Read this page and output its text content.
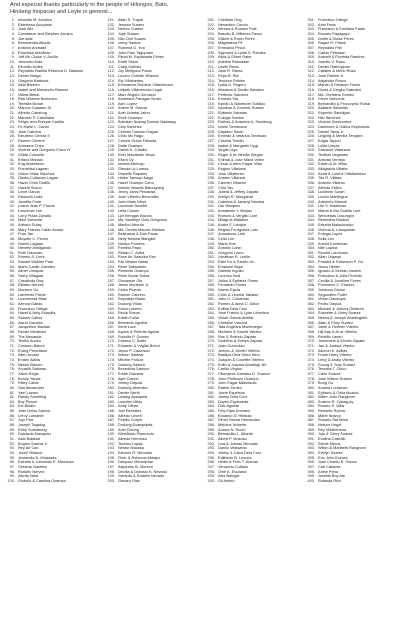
And especial thanks particularly to the people of Hilongos, Bato, Hindang Inopacan and Leyte in general...
1. Abundio M. Alvarico
2. Eldefonso Acopiado
3. Jose Alix
4. Constance and Stephen Alcuino
5. Joe Alde
6. Bernhardita Alfonte
7. Antonio Andrade
8. Eduvihsa Antolihao
9. Joff Mc Cloise V. Arcilla
10. Jesucrito Arda
11. Elmelito Aviles
12. Reynaldo Badilla Rebecca D. Balanos
13. Dexter Braga
14. Gregorio Barbosa
15. Aida Barerro
16. Isabel and Menandro Blancer
17. Villeta Bebal
18. Rita Villareal Bonteneo
19. Teresita Brown
20. Marcos Caadaro Sr.
21. Alfredo Cabahug
22. Marcelo P. Cabrillaka
23. Sergio and Enrique Cadilla
24. Fe Marie L. Canal
25. Jose Cabrera
26. Eleuterio Centaz II
27. Romeo Cimene
28. Adorame Chen
29. Vicente and Gorgonio Cinco IV
30. Gidita Colonilla
31. Erfaco Manalo
32. Eng Andresson
33. Flordelisa Lagaan
34. Grace Villaz Sanchez
35. Oledio Collacion Lagaa
36. Hazel Chris Ordillo
37. Hazelit Suzon
38. Lexel Garcia
39. Elsworth Leda
40. Josefita Forte
41. Loana Jean P. Flavoe
42. Lowrence Lee
43. Lorry Plaza Zavalla
44. Mike Valmoria
45. Arthuro Dulay
46. Mary Francis Caldo Acana
47. Pura Tan
48. Muyolle C. Flores
49. Noemi Lagaan
50. Nenette Antiligando
51. Ruth Gacusan
52. Romeo S. Lima
53. Randel Wahlee Pala
54. Mario Carillo Caboteo
55. Aimer Umapas
56. Gerry Villaguar
57. Crisalinda Ong
58. Elifasio Nerves
59. Montero Go
60. Lamberto Flame
61. Luzviminda Bilaz
62. Alenod Gabas
63. Francisco Ortega
64. Hazel & Nely Eslavilla
65. Sandro Callos
66. Alano Davalos
67. Jacqueline Basilan
68. Dexter Medecke
69. The Alexande
70. Teofilo Aunzo
71. Corazon Batoni
72. Erdeg Penciliano
73. Allen Acosto
74. Enden Alaba
75. Nestor Bacoro
76. Arcadio Sabinas
77. Zaldo Regis
78. Bonny Yanas
79. Rilley Cabal
80. Gail Alexandrer
81. Yael Lazaro
82. Randy Sombilng
83. Boy Picson
84. Elo Bulato
85. Jean Delos Santos
86. Leroy Lomante
87. Jojo Paa
88. Joseph Tagalog
89. Efrey Sumabong
90. Dulcianic Manapari
91. Aida Balabat
92. Bogino Saavra Jr
93. Rey Ari Cari
94. Jocell Villamor
95. Jessenda N. Mejarada
96. Estrella & Johnwato E. Mendoza
97. Gerardo Naceles
98. Rodolfo Nervez
99. Alerito Nara
100. Godello & Carolina Ocampo
101. Allan S. Trapal
102. Jessica Suarez
103. Nelson Suarez
104. Jojie Suarez
105. Nilo Orel Suarez
106. Veloy Santos
107. Rowena G. Yoa
108. John Paul Tagupasa
109. Pitoni M. Esplanada Flores
110. Earth Sesin
111. Craig Sublido
112. Joy Mefigaon Paulo
113. Lumen Christie Villamor
114. Ely Villafuertes
115. Emmanuel Dominic Villaherrosa
116. Lilibeth Villaherrosa Legal
117. Marc Angelo Gervacio
118. Andreaux Paragas Seder
119. Alex Lopez
120. Arlene M. Daana
121. Ariel Uriartal Jatizo
122. Rock Ocampo
123. Brendan Noenaj Damon Nadasag
124. Cely Sanchez
125. Christie Camion Gagan
126. Chito Mc Rago
127. Cennie Grace Falsolta
128. Dalia Ocampo
129. Danilo K. Castillo
130. Eber Macabale Jesus
131. Elvira Oy
132. Imelda Abenojo
133. Glenda Ly Lorena
134. Glacelle Rapales
135. Helen Tamayo Naga
136. Hazel Ocampo Corro
137. Imelda Velarde Balonghing
138. Jenny Janis Penalosa
139. Joan Viberbo Bersonilla
140. John Mark Nihot
141. Lumenia Jennifer
142. Leila Cuizon
143. Lyn Ibringan Bacolo
144. Ma. Madelyn Gola Gregorius
145. Marilou Abordo
146. Ma. Cecilia Macoto Sabitas
147. Belshazar & Dan Paras
148. Nelly Mesina Mangilet
149. Norilyn Pomera
150. Pamela Papa
151. Redan C. Avilla
152. Rose Ae Saavdra Pan
153. Ria Villalon Batas
154. Rene Valladares
155. Romelito Ocampo
156. Rene Bozar Sotoa
157. Giovannie Ole
158. Jesus Modesto Jr.
159. Celso Pinedo
160. Ramon Cabrero
161. Reynaldo Baldo
162. Dodong Villas
163. Rossi Loberto
164. Recip Rosos
165. Edwin Follar
166. Bernardo Aguillar
167. Irene Lora
168. Agnes & Peterist Aguilar
169. Rodolfo P. Gomez
170. Cirseco C. Barto
171. Eduardo & Virgilia Bohol
172. Jesus P. Calunsod
173. Wilson Salazar
174. Mitchie Policar
175. Dodong Saavra
176. Benedicta Sabuon
177. Eddie Olavaria
178. Ayet Cavezi
179. Jimmy Dayola
180. Dodong Abrenica
181. Dexter Nerth
182. Ludwig Apaopela
183. Lourdes Villas
184. Andy Olelar
185. Joel Bernales
186. Alfredo Liborri
187. Peplito Corpin
188. Dodong Evangelista
189. Ariel Chiong
190. Winefredo Plamondo
191. Alfredo Hermoso
192. Teolimo Lapaz
193. Nestor Macasa
194. Eleanor R. Mercado
195. Fleer & Rebecca Malapo
196. Danyouz Menolpiran
197. Alejandro B. Moreno
198. Decilia & Dionisio K. Nevado
199. Gerardo & Rodelio Nevado
200. Genaro Olas
201. Cristituto Ong
202. Nenantino Osorio
203. Wenna & Rosario Pale
204. Basulio B. Millenes Pasco
205. Gilbert & Erwin Perez
206. Magdalena Pil
207. Emeliano Pinca
208. Sigmund & Lydia S. Pototes
209. Alida & Elmer Rabe
210. Adelina Rasnadan
211. Leslie Rocio
212. Jose R. Rama
213. Pepe B. Ria
214. Teodoro Robles
215. Lydia G. Rogero
216. Absalom & Danilo Sabaton
217. Perfecto Sanchez
218. Ernesto Sia
219. Elpidio & Nobeliciel Sobilizo
220. Apolinar & Dominic Suarez
221. Epifanio Sabalan
222. Eulogio Santos
223. Ruthea & Anselmo A. Sendiong
224. Leslie Sembrano
225. Gaytano Subin
226. Ernesto & Velarius Tambuan
227. Cristina Tranilo
228. Isabel & Margarito Uygi
229. Virgilio Ugs
230. Roger & Ar Nenilla Sergan
231. Erlinda & Jose Maria Velez
232. Cesar & Allen Edgar Villar
233. Rogino Villafane
234. Jose Villaflores
235. Amden Villareal
236. Carmen Villacho
237. Chio Yao
238. Julieta & Jeffrey Zapata
239. Arellyn R. Mangabat
240. Caterina & Jacanyi Mantua
241. Lito Marquez
242. Annabelle Y. Mejaia
243. Romulo & Vergilio Lore
244. Milagros Maiason
245. Andro F. Lauque
246. Regisa Pa Agulina Lalo
247. Annadecor Lide
248. Celia Lim
249. Maria Hoe
250. Antonio Lobin
251. Gregorio Lomo
252. Jonathan R. Lerilin
253. Elsie Ko & Pacifio Go
254. Emanuel Bayo
255. Galletio Inguito
256. Lorenzo Imal
257. Julius & Epifania Flores
258. Fernando Flores
259. Noemi Eguia
260. Chito & Leonila Tabalan
261. John C. Cobarrias
262. Romeo & Alma C. Dator
263. Editha Dela Cruz
264. Jose Franco & Lyde Lobedica
265. Vivian Garcia Abellar
266. Christine Viaonia
267. Tata Angelica Montenegro
268. Michelle & Harold Viterbo
269. Roe & Rolindo Zapata
270. Godefrio & Evelyn Zapata
271. Joan Gorondao
272. Jericho & Jeneth Viterbo
273. Basilica Dela Serra Nino
274. Joaquin & Cosettte Viterbo
275. Edith & Joanna Abadingi Jer
276. Carlito Virgino
277. Obenaeze Damaso D. Suazon
278. John Philibuzo Ocampo
279. John Edgar Matudsula
280. Rather Dedeo
281. Jowie Espeledo
282. Jimmy Dela Cruz
283. Doyen Espinueda
284. Dick Aguiliar
285. Fely Eljas Domaso
286. Eduardo D. Hibdula
287. Elmer Sesna Hernandez
288. Melchor Noberte
289. Aurora N. Rocio
290. Bernardito L. Alfante
291. Albert P. Mususo
292. Lisa & Johnas Mercado
293. Danilo Velasamo
294. Jimmy & Clara Dela Cruz
295. Edilberto B. Leones
296. Helbe & Felix T. Aranas
297. Venancio Collado
298. Orlie A. Eluciana
299. Alex Balogal
300. Gil Antelo
301. Francisco Ortega
302. Ariel Feda
303. Francisco & Emiliano Paale
304. Rosario Papagayo
305. Dolith & Moise Perez
306. Raque R. Pilane
307. Reynaldo Piel
308. Carlos Petrasen
309. Aracelli & Florinda Ramirez
310. Juanito V. Raza
311. Dexter Rafiroginne
312. Catabel & Merlo Rosa
313. Jose Robles Jr
314. Alejandro Rosco
315. Marvin & Rolando Flores
316. Gloria & Dingko Gabraint
317. Ma. Christina Gomez
318. Glenn Nehomis
319. Bernardito & Procorphio Ruisa
320. Aldlaine Sabando
321. Rupertio Sandigan
322. Nilo Sanchez
323. Vicente Sorezontes
324. Danimore & Gallos Espinueda
325. Daniel Tarca Jr
326. Lingling & Merilla Tengsen
327. Edgar Tappel
328. Lolita Uneza
329. Salvador Vallarana
330. Teofilas Vegasam
331. Anecita Verdejo
332. Edwin & Ar Villaz
333. Altagracia Villafor
334. Anna & Lorenz Villafuertesa
335. Tito R. Villaza
336. Antonio Villaran
337. Alfredo Zafico
338. Lucilenin Suran
339. Lucilio Manilugue
340. Artemeio Manuel
341. Lito V. Madeloso
342. Mama & Ma Godilla Lore
343. Wencedas Lusungon
344. Remedios Madulo
345. Estrella Malaconsejo
346. Victoria A. Lacapanan
347. Eulogia Lopez
348. Sella Lim
349. Arnold Kundiman
350. Nile Lupina
351. Rondel Laroscain
352. Allan Legaspi
353. Priscilla & Roberson P. Go
354. Jesus Hesler
355. Ignacio & Serban Jaranis
356. Francisco & Julia Florindo
357. Cecilia & Jocelline Flores
358. Pronsenio C. Elaruzo
359. Johanna Gozon
360. Segundino Fuller
361. Vivian Dacanyar
362. Pedro Dayula
363. Michael & Johnny Delatore
364. Suezette & Gerry Suarez
365. Nemia & Joseph Abadinghier
366. Allan & Flory Suarez
367. Joele & Horleen Viterbo
368. Hiji Aap & Al-ar Viterbo
369. Reinilto Lanan
370. Josemarie & Ernest Zapata
371. Jan & Joshua Viterbo
372. Allchon E. Avillas
373. Frank Harry Viterbo
374. Leivy & Analy Viterbo
375. Soong & Tony Suarez
376. Teresita T. Cinco
377. Carlo Suarez
378. Jose Wilson Suarez
379. Bong Go
380. Amaria Louisewo
381. Epitacio & Cella Alcaido
382. Wilter John Rangbom
383. Zozimo R. Cabag-ay
384. Romeo S. Villar
385. Renante Rubria
386. Marie Itzazco
387. Rosario Sta Mara
388. Nelson Ungot
389. Rey Villaberresa
390. Jojo & Gerry Suarez
391. Evalina Castrillo
392. Richie Merca
393. Willen & Maribeth Rangbom
394. Evelyn Suarez
395. Eric John Estrura
396. Jose Charito B. Garcia
397. Carl Catacoa
398. Arline Pena
399. Josellia Boy Ate
400. Rolanda Rico
